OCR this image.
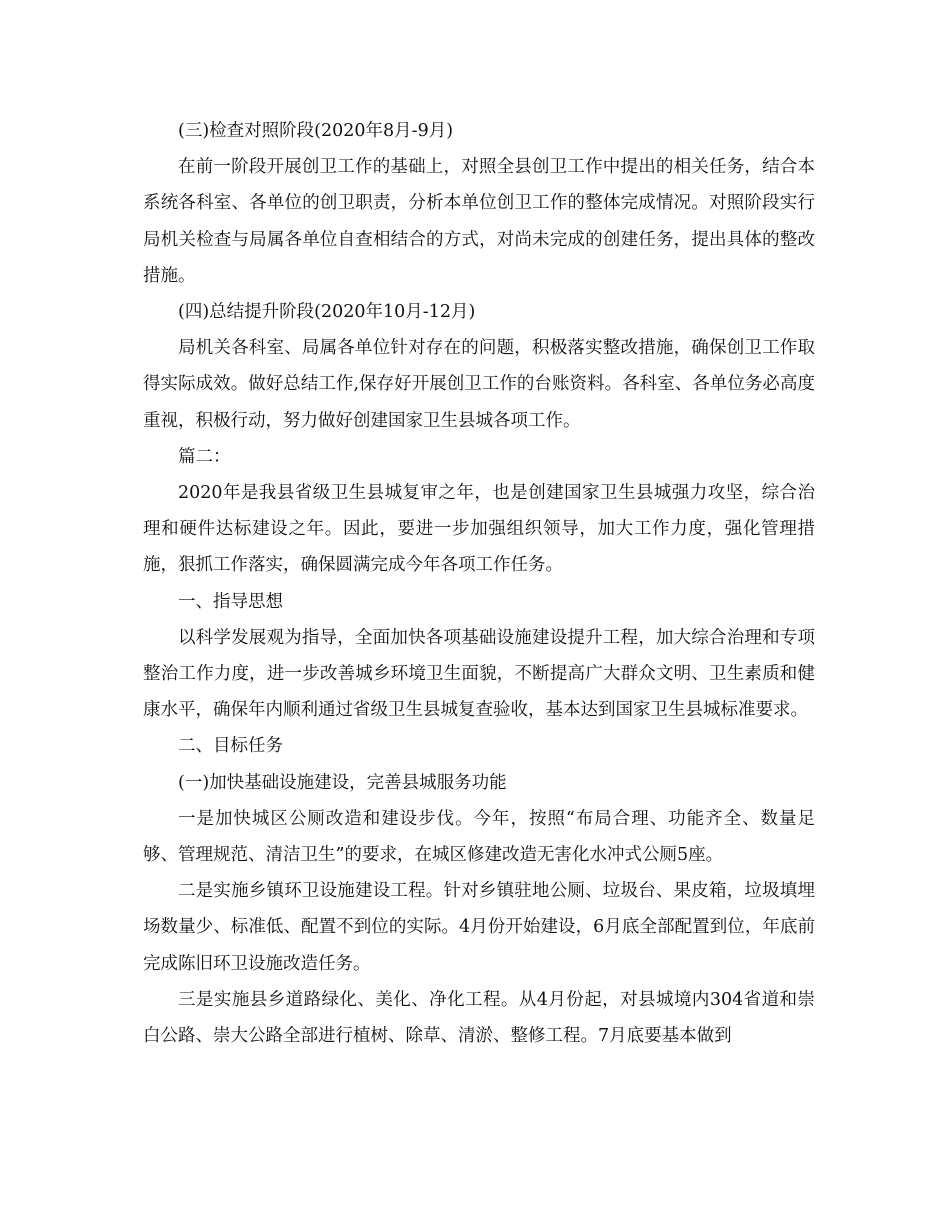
(三)检查对照阶段(2020年8月-9月)

在前一阶段开展创卫工作的基础上，对照全县创卫工作中提出的相关任务，结合本系统各科室、各单位的创卫职责，分析本单位创卫工作的整体完成情况。对照阶段实行局机关检查与局属各单位自查相结合的方式，对尚未完成的创建任务，提出具体的整改措施。

(四)总结提升阶段(2020年10月-12月)

局机关各科室、局属各单位针对存在的问题，积极落实整改措施，确保创卫工作取得实际成效。做好总结工作,保存好开展创卫工作的台账资料。各科室、各单位务必高度重视，积极行动，努力做好创建国家卫生县城各项工作。

篇二：

2020年是我县省级卫生县城复审之年，也是创建国家卫生县城强力攻坚，综合治理和硬件达标建设之年。因此，要进一步加强组织领导，加大工作力度，强化管理措施，狠抓工作落实，确保圆满完成今年各项工作任务。

一、指导思想

以科学发展观为指导，全面加快各项基础设施建设提升工程，加大综合治理和专项整治工作力度，进一步改善城乡环境卫生面貌，不断提高广大群众文明、卫生素质和健康水平，确保年内顺利通过省级卫生县城复查验收，基本达到国家卫生县城标准要求。

二、目标任务

(一)加快基础设施建设，完善县城服务功能

一是加快城区公厕改造和建设步伐。今年，按照“布局合理、功能齐全、数量足够、管理规范、清洁卫生”的要求，在城区修建改造无害化水冲式公厕5座。

二是实施乡镇环卫设施建设工程。针对乡镇驻地公厕、垃圾台、果皮箱，垃圾填埋场数量少、标准低、配置不到位的实际。4月份开始建设，6月底全部配置到位，年底前完成陈旧环卫设施改造任务。

三是实施县乡道路绿化、美化、净化工程。从4月份起，对县城境内304省道和崇白公路、崇大公路全部进行植树、除草、清淤、整修工程。7月底要基本做到
